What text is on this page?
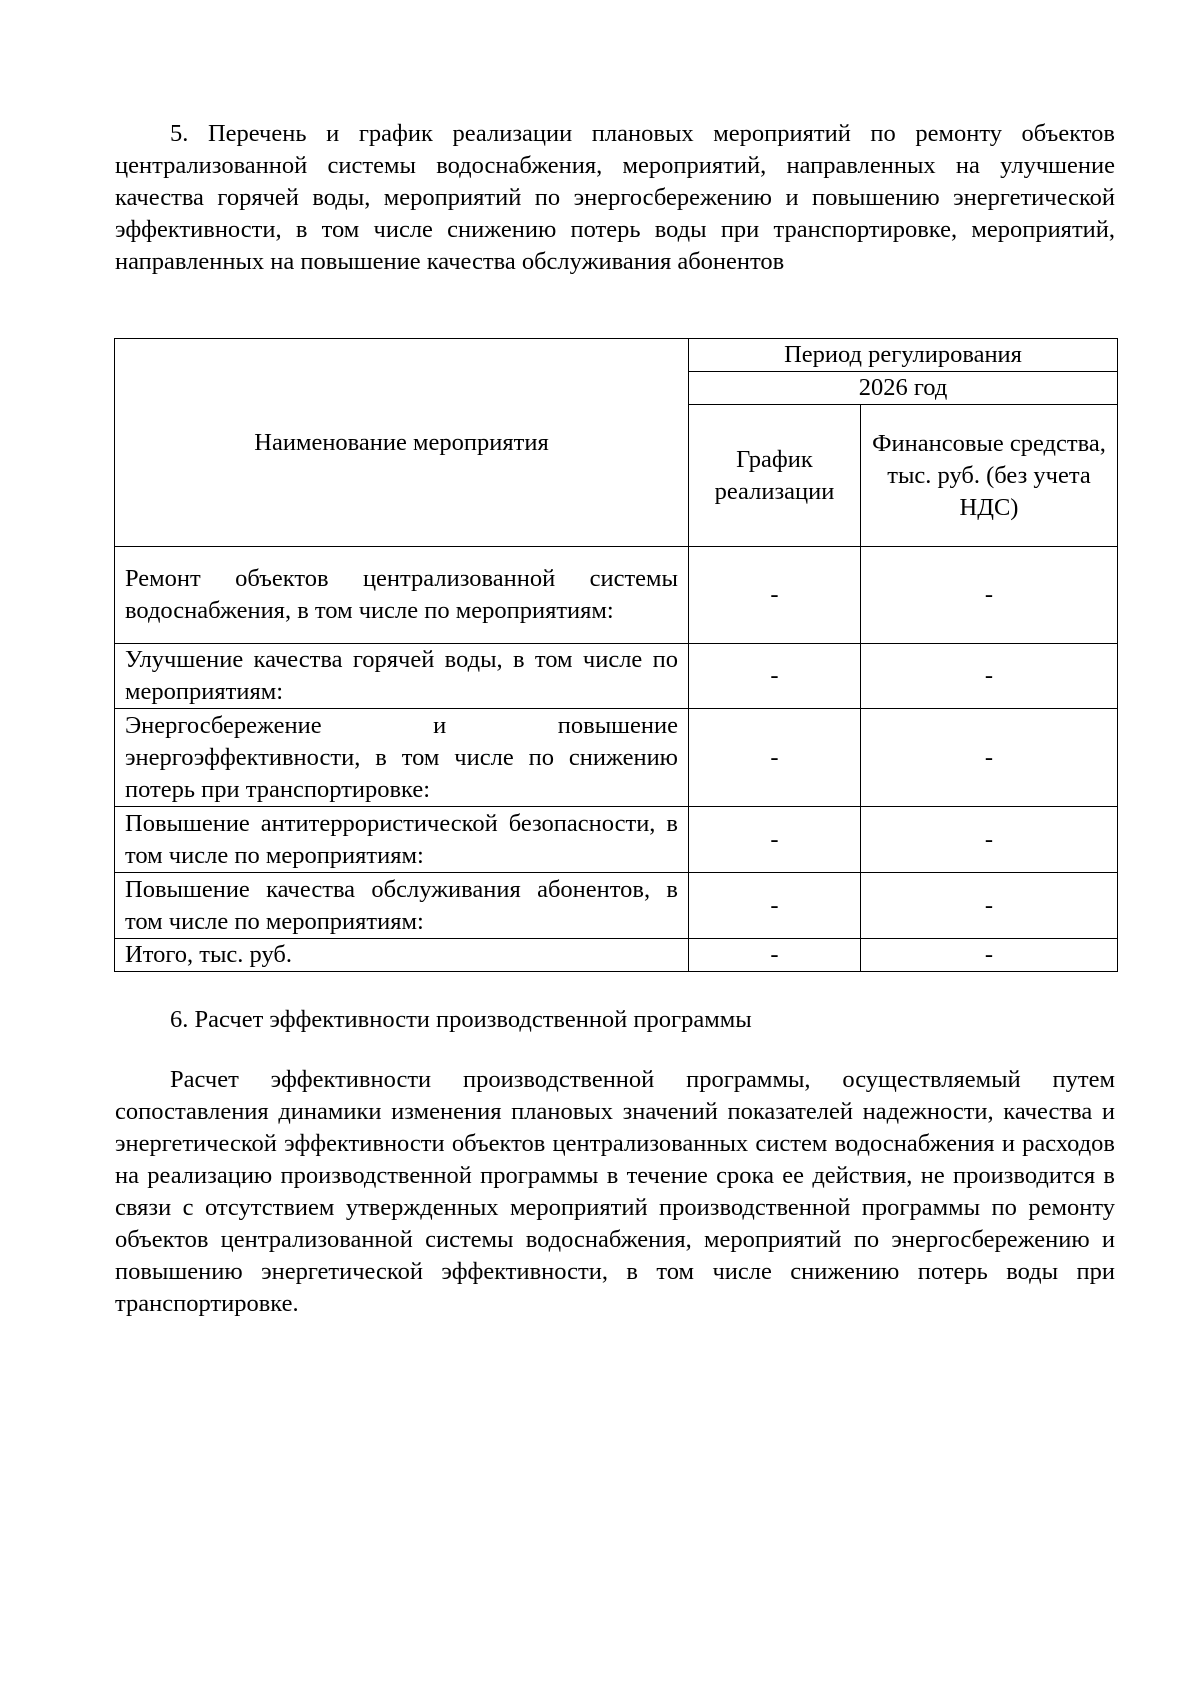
5. Перечень и график реализации плановых мероприятий по ремонту объектов централизованной системы водоснабжения, мероприятий, направленных на улучшение качества горячей воды, мероприятий по энергосбережению и повышению энергетической эффективности, в том числе снижению потерь воды при транспортировке, мероприятий, направленных на повышение качества обслуживания абонентов

Наименование мероприятия	Период регулирования	
	2026 год	
	График реализации	Финансовые средства, тыс. руб. (без учета НДС)
Ремонт объектов централизованной системы водоснабжения, в том числе по мероприятиям:	-	-
Улучшение качества горячей воды, в том числе по мероприятиям:	-	-
Энергосбережение и повышение энергоэффективности, в том числе по снижению потерь при транспортировке:	-	-
Повышение антитеррористической безопасности, в том числе по мероприятиям:	-	-
Повышение качества обслуживания абонентов, в том числе по мероприятиям:	-	-
Итого, тыс. руб.	-	-

6. Расчет эффективности производственной программы

Расчет эффективности производственной программы, осуществляемый путем сопоставления динамики изменения плановых значений показателей надежности, качества и энергетической эффективности объектов централизованных систем водоснабжения и расходов на реализацию производственной программы в течение срока ее действия, не производится в связи с отсутствием утвержденных мероприятий производственной программы по ремонту объектов централизованной системы водоснабжения, мероприятий по энергосбережению и повышению энергетической эффективности, в том числе снижению потерь воды при транспортировке.
